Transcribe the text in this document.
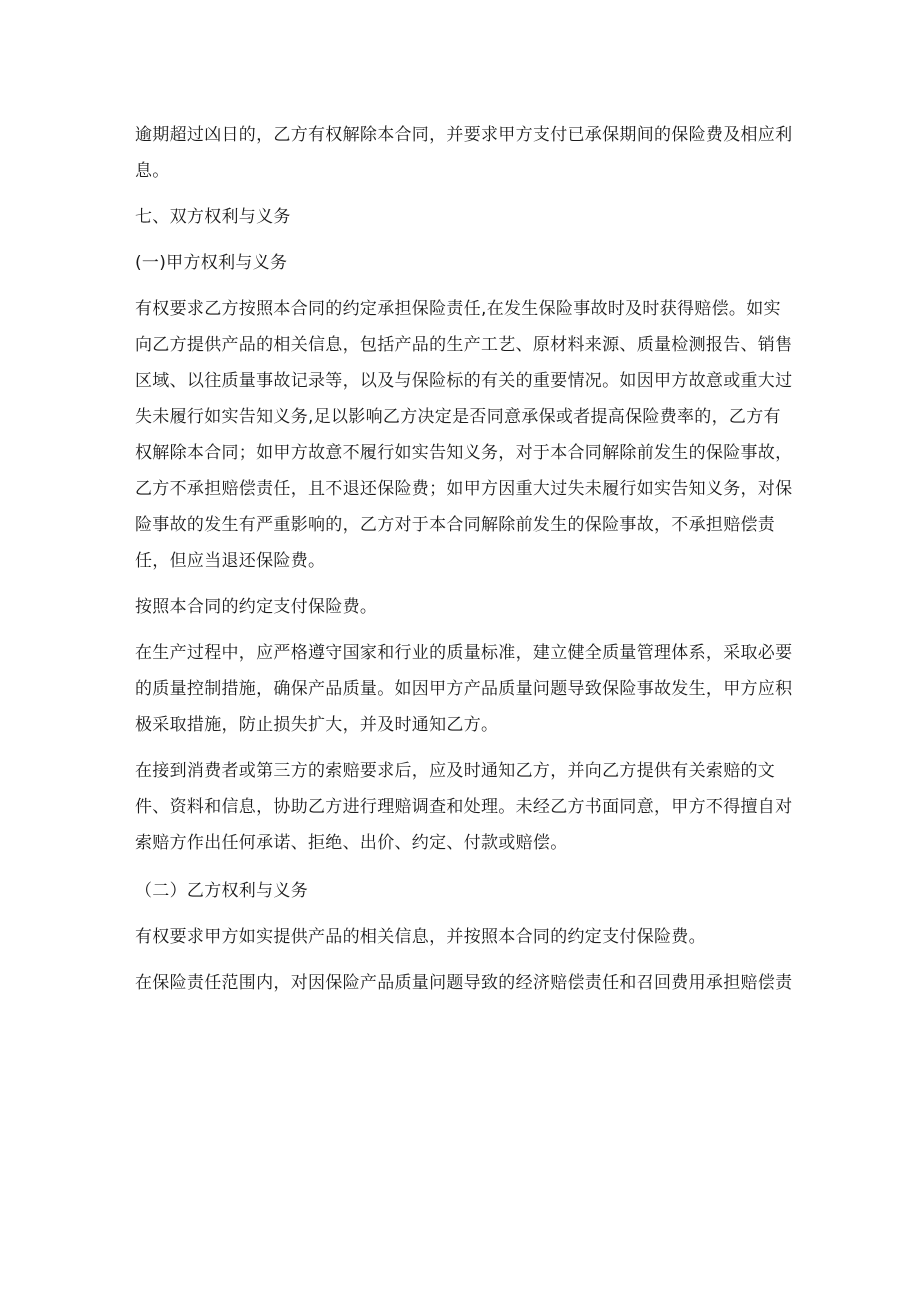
逾期超过凶日的，乙方有权解除本合同，并要求甲方支付已承保期间的保险费及相应利息。

七、双方权利与义务

(一)甲方权利与义务

有权要求乙方按照本合同的约定承担保险责任,在发生保险事故时及时获得赔偿。如实向乙方提供产品的相关信息，包括产品的生产工艺、原材料来源、质量检测报告、销售区域、以往质量事故记录等，以及与保险标的有关的重要情况。如因甲方故意或重大过失未履行如实告知义务,足以影响乙方决定是否同意承保或者提高保险费率的，乙方有权解除本合同；如甲方故意不履行如实告知义务，对于本合同解除前发生的保险事故，乙方不承担赔偿责任，且不退还保险费；如甲方因重大过失未履行如实告知义务，对保险事故的发生有严重影响的，乙方对于本合同解除前发生的保险事故，不承担赔偿责任，但应当退还保险费。

按照本合同的约定支付保险费。

在生产过程中，应严格遵守国家和行业的质量标准，建立健全质量管理体系，采取必要的质量控制措施，确保产品质量。如因甲方产品质量问题导致保险事故发生，甲方应积极采取措施，防止损失扩大，并及时通知乙方。

在接到消费者或第三方的索赔要求后，应及时通知乙方，并向乙方提供有关索赔的文件、资料和信息，协助乙方进行理赔调查和处理。未经乙方书面同意，甲方不得擅自对索赔方作出任何承诺、拒绝、出价、约定、付款或赔偿。

（二）乙方权利与义务

有权要求甲方如实提供产品的相关信息，并按照本合同的约定支付保险费。

在保险责任范围内，对因保险产品质量问题导致的经济赔偿责任和召回费用承担赔偿责
